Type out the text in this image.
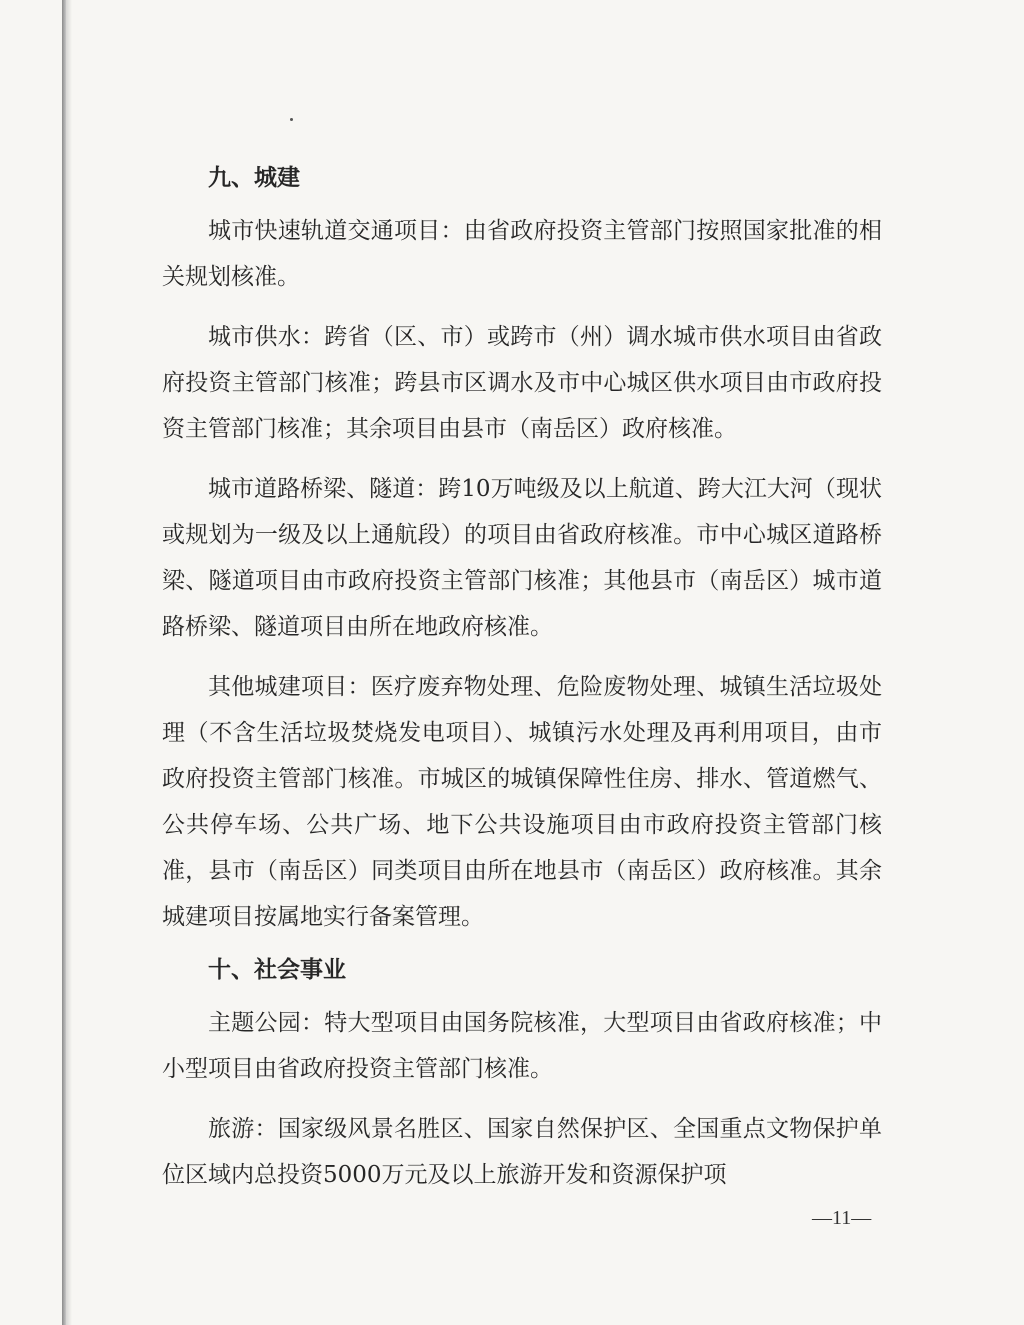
九、城建

城市快速轨道交通项目：由省政府投资主管部门按照国家批准的相关规划核准。

城市供水：跨省（区、市）或跨市（州）调水城市供水项目由省政府投资主管部门核准；跨县市区调水及市中心城区供水项目由市政府投资主管部门核准；其余项目由县市（南岳区）政府核准。

城市道路桥梁、隧道：跨10万吨级及以上航道、跨大江大河（现状或规划为一级及以上通航段）的项目由省政府核准。市中心城区道路桥梁、隧道项目由市政府投资主管部门核准；其他县市（南岳区）城市道路桥梁、隧道项目由所在地政府核准。

其他城建项目：医疗废弃物处理、危险废物处理、城镇生活垃圾处理（不含生活垃圾焚烧发电项目）、城镇污水处理及再利用项目，由市政府投资主管部门核准。市城区的城镇保障性住房、排水、管道燃气、公共停车场、公共广场、地下公共设施项目由市政府投资主管部门核准，县市（南岳区）同类项目由所在地县市（南岳区）政府核准。其余城建项目按属地实行备案管理。

十、社会事业

主题公园：特大型项目由国务院核准，大型项目由省政府核准；中小型项目由省政府投资主管部门核准。

旅游：国家级风景名胜区、国家自然保护区、全国重点文物保护单位区域内总投资5000万元及以上旅游开发和资源保护项

—11—
